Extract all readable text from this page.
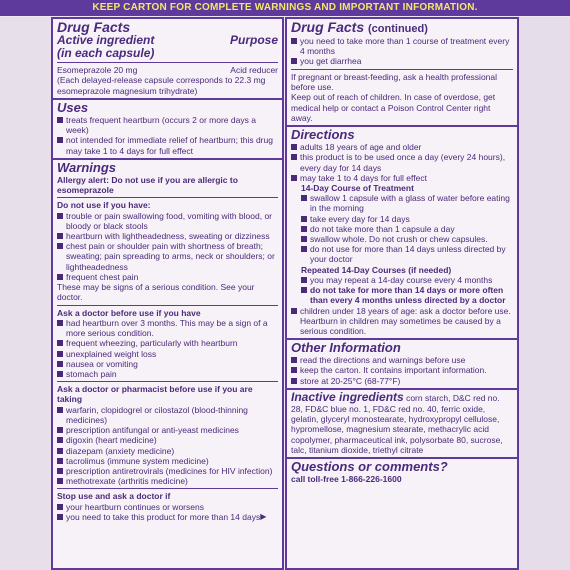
KEEP CARTON FOR COMPLETE WARNINGS AND IMPORTANT INFORMATION.
Drug Facts
Active ingredient	Purpose
(in each capsule)
Esomeprazole 20 mg	Acid reducer
(Each delayed-release capsule corresponds to 22.3 mg esomeprazole magnesium trihydrate)
Uses
treats frequent heartburn (occurs 2 or more days a week)
not intended for immediate relief of heartburn; this drug may take 1 to 4 days for full effect
Warnings
Allergy alert: Do not use if you are allergic to esomeprazole
Do not use if you have:
trouble or pain swallowing food, vomiting with blood, or bloody or black stools
heartburn with lightheadedness, sweating or dizziness
chest pain or shoulder pain with shortness of breath; sweating; pain spreading to arms, neck or shoulders; or lightheadedness
frequent chest pain
These may be signs of a serious condition. See your doctor.
Ask a doctor before use if you have
had heartburn over 3 months. This may be a sign of a more serious condition.
frequent wheezing, particularly with heartburn
unexplained weight loss
nausea or vomiting
stomach pain
Ask a doctor or pharmacist before use if you are taking
warfarin, clopidogrel or cilostazol (blood-thinning medicines)
prescription antifungal or anti-yeast medicines
digoxin (heart medicine)
diazepam (anxiety medicine)
tacrolimus (immune system medicine)
prescription antiretrovirals (medicines for HIV infection)
methotrexate (arthritis medicine)
Stop use and ask a doctor if
your heartburn continues or worsens
you need to take this product for more than 14 days ▶
Drug Facts (continued)
you need to take more than 1 course of treatment every 4 months
you get diarrhea
If pregnant or breast-feeding, ask a health professional before use.
Keep out of reach of children. In case of overdose, get medical help or contact a Poison Control Center right away.
Directions
adults 18 years of age and older
this product is to be used once a day (every 24 hours), every day for 14 days
may take 1 to 4 days for full effect
14-Day Course of Treatment
swallow 1 capsule with a glass of water before eating in the morning
take every day for 14 days
do not take more than 1 capsule a day
swallow whole. Do not crush or chew capsules.
do not use for more than 14 days unless directed by your doctor
Repeated 14-Day Courses (if needed)
you may repeat a 14-day course every 4 months
do not take for more than 14 days or more often than every 4 months unless directed by a doctor
children under 18 years of age: ask a doctor before use. Heartburn in children may sometimes be caused by a serious condition.
Other Information
read the directions and warnings before use
keep the carton. It contains important information.
store at 20-25°C (68-77°F)
Inactive ingredients corn starch, D&C red no. 28, FD&C blue no. 1, FD&C red no. 40, ferric oxide, gelatin, glyceryl monostearate, hydroxypropyl cellulose, hypromellose, magnesium stearate, methacrylic acid copolymer, pharmaceutical ink, polysorbate 80, sucrose, talc, titanium dioxide, triethyl citrate
Questions or comments?
call toll-free 1-866-226-1600
